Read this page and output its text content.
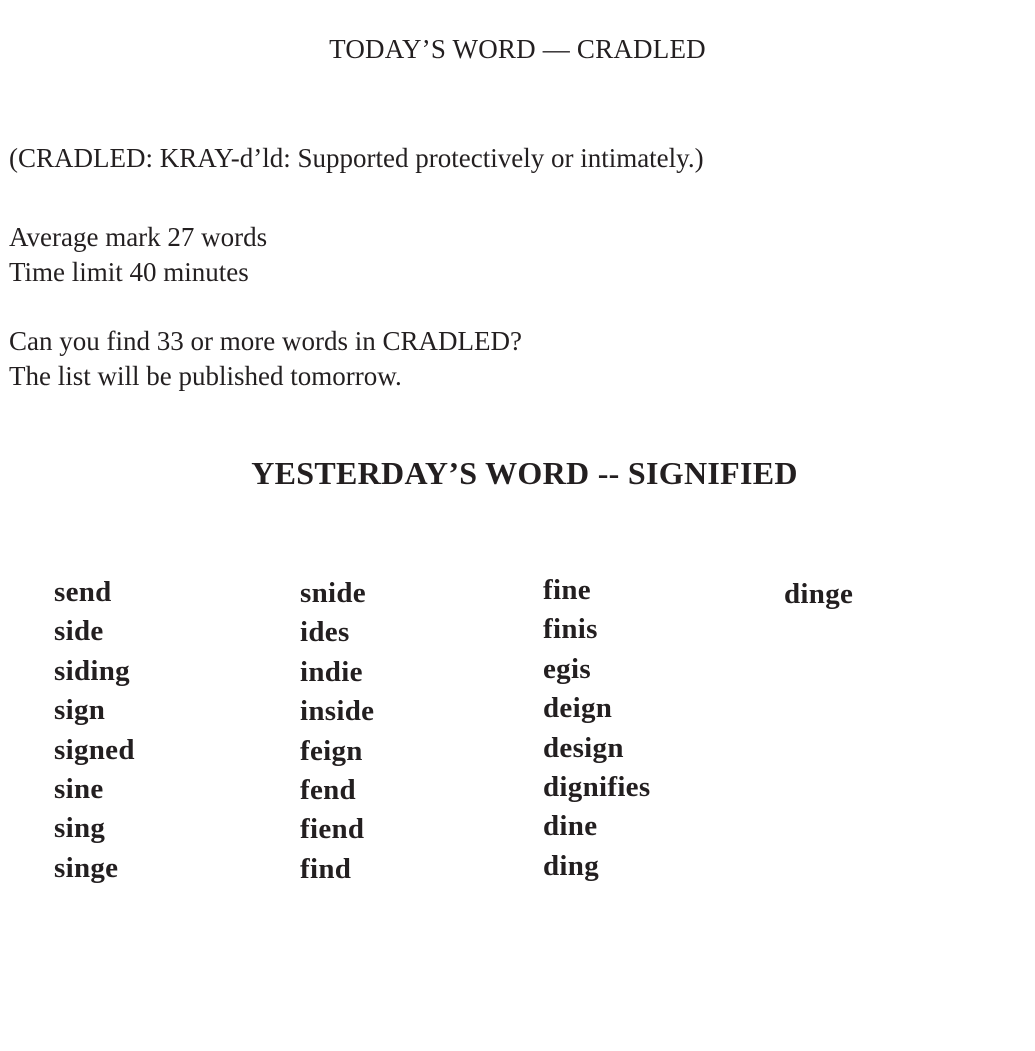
TODAY’S WORD — CRADLED
(CRADLED: KRAY-d’ld: Supported protectively or intimately.)
Average mark 27 words
Time limit 40 minutes
Can you find 33 or more words in CRADLED?
The list will be published tomorrow.
YESTERDAY’S WORD -- SIGNIFIED
send
side
siding
sign
signed
sine
sing
singe
snide
ides
indie
inside
feign
fend
fiend
find
fine
finis
egis
deign
design
dignifies
dine
ding
dinge
